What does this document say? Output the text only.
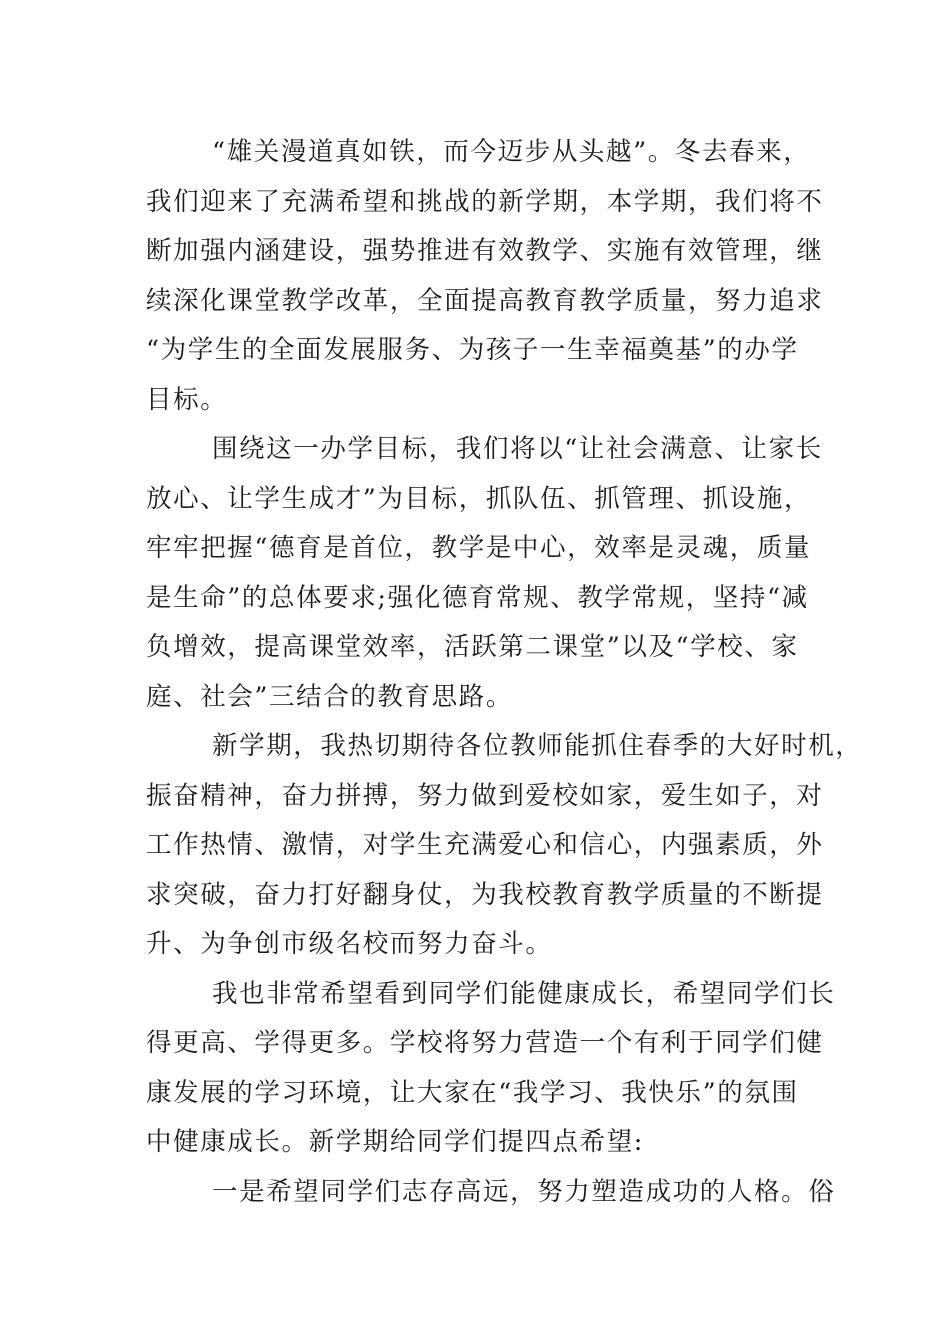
“雄关漫道真如铁，而今迈步从头越”。冬去春来，
我们迎来了充满希望和挑战的新学期，本学期，我们将不
断加强内涵建设，强势推进有效教学、实施有效管理，继
续深化课堂教学改革，全面提高教育教学质量，努力追求
“为学生的全面发展服务、为孩子一生幸福奠基”的办学
目标。
围绕这一办学目标，我们将以“让社会满意、让家长
放心、让学生成才”为目标，抓队伍、抓管理、抓设施，
牢牢把握“德育是首位，教学是中心，效率是灵魂，质量
是生命”的总体要求;强化德育常规、教学常规，坚持“减
负增效，提高课堂效率，活跃第二课堂”以及“学校、家
庭、社会”三结合的教育思路。
新学期，我热切期待各位教师能抓住春季的大好时机，
振奋精神，奋力拼搏，努力做到爱校如家，爱生如子，对
工作热情、激情，对学生充满爱心和信心，内强素质，外
求突破，奋力打好翻身仗，为我校教育教学质量的不断提
升、为争创市级名校而努力奋斗。
我也非常希望看到同学们能健康成长，希望同学们长
得更高、学得更多。学校将努力营造一个有利于同学们健
康发展的学习环境，让大家在“我学习、我快乐”的氛围
中健康成长。新学期给同学们提四点希望:
一是希望同学们志存高远，努力塑造成功的人格。俗
